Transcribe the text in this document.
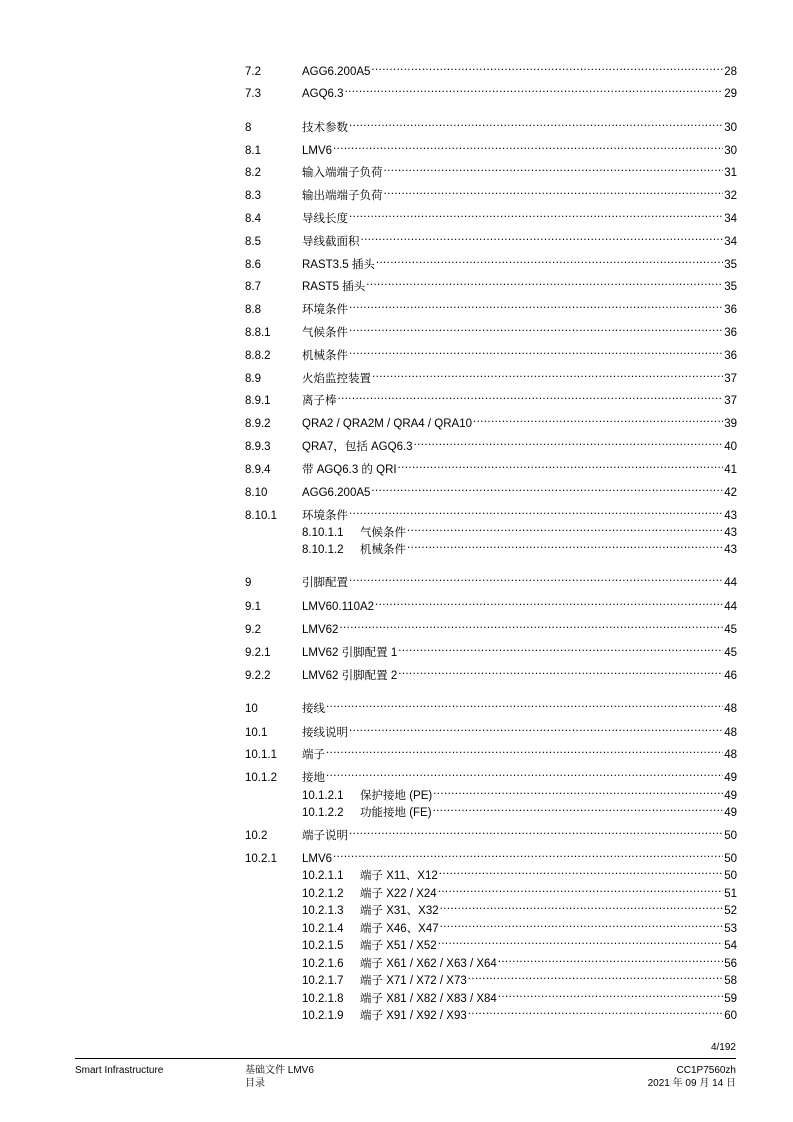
7.2	AGG6.200A5 .....	28
7.3	AGQ6.3 .....	29
8	技术参数 .....	30
8.1	LMV6 .....	30
8.2	输入端端子负荷 .....	31
8.3	输出端端子负荷 .....	32
8.4	导线长度 .....	34
8.5	导线截面积 .....	34
8.6	RAST3.5 插头 .....	35
8.7	RAST5 插头 .....	35
8.8	环境条件 .....	36
8.8.1	气候条件 .....	36
8.8.2	机械条件 .....	36
8.9	火焰监控装置 .....	37
8.9.1	离子棒 .....	37
8.9.2	QRA2 / QRA2M / QRA4 / QRA10 .....	39
8.9.3	QRA7，包括 AGQ6.3 .....	40
8.9.4	带 AGQ6.3 的 QRI .....	41
8.10	AGG6.200A5 .....	42
8.10.1	环境条件 .....	43
8.10.1.1	气候条件 .....	43
8.10.1.2	机械条件 .....	43
9	引脚配置 .....	44
9.1	LMV60.110A2 .....	44
9.2	LMV62 .....	45
9.2.1	LMV62 引脚配置 1 .....	45
9.2.2	LMV62 引脚配置 2 .....	46
10	接线 .....	48
10.1	接线说明 .....	48
10.1.1	端子 .....	48
10.1.2	接地 .....	49
10.1.2.1	保护接地 (PE) .....	49
10.1.2.2	功能接地 (FE) .....	49
10.2	端子说明 .....	50
10.2.1	LMV6 .....	50
10.2.1.1	端子 X11、X12 .....	50
10.2.1.2	端子 X22 / X24 .....	51
10.2.1.3	端子 X31、X32 .....	52
10.2.1.4	端子 X46、X47 .....	53
10.2.1.5	端子 X51 / X52 .....	54
10.2.1.6	端子 X61 / X62 / X63 / X64 .....	56
10.2.1.7	端子 X71 / X72 / X73 .....	58
10.2.1.8	端子 X81 / X82 / X83 / X84 .....	59
10.2.1.9	端子 X91 / X92 / X93 .....	60
4/192
Smart Infrastructure	基础文件 LMV6
目录
CC1P7560zh
2021 年 09 月 14 日
